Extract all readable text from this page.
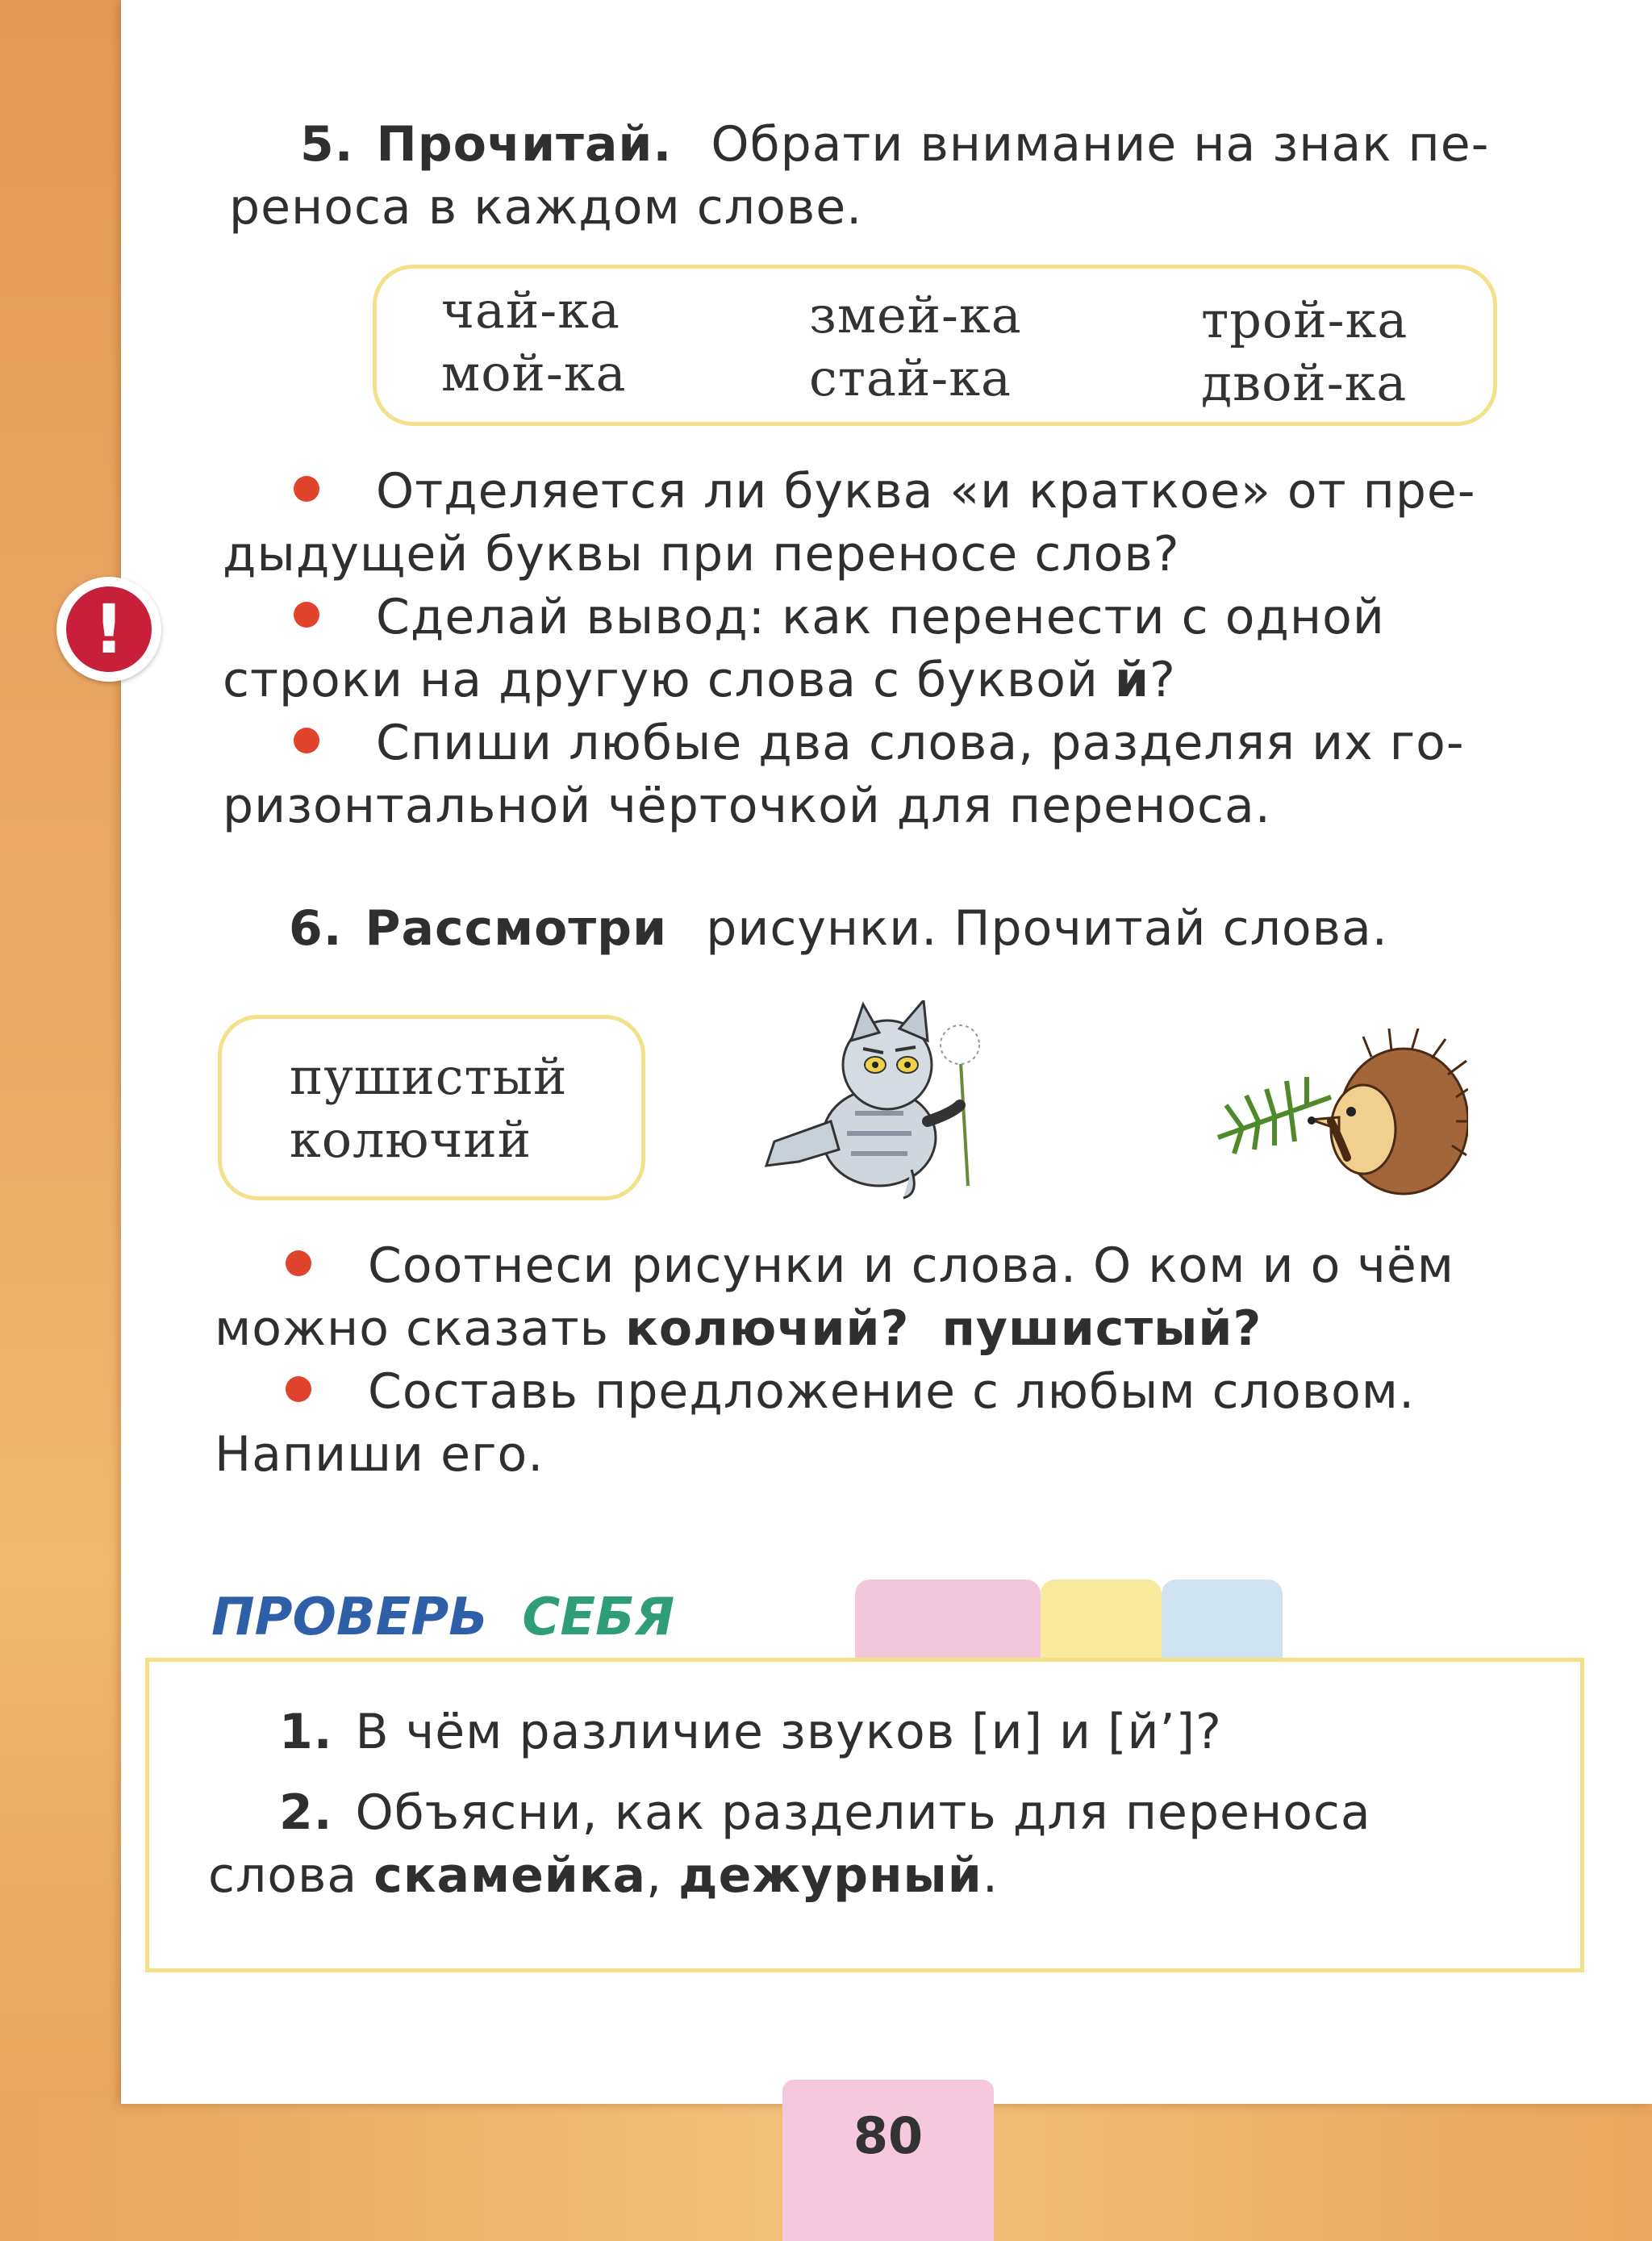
5. Прочитай. Обрати внимание на знак пе-

реноса в каждом слове.

чай-ка
мой-ка
змей-ка
стай-ка
трой-ка
двой-ка
!

Отделяется ли буква «и краткое» от пре-

дыдущей буквы при переносе слов?

Сделай вывод: как перенести с одной

строки на другую слова с буквой й?

Спиши любые два слова, разделяя их го-

ризонтальной чёрточкой для переноса.

6. Рассмотри рисунки. Прочитай слова.

пушистый
колючий

Соотнеси рисунки и слова. О ком и о чём

можно сказать колючий? пушистый?

Составь предложение с любым словом.

Напиши его.

ПРОВЕРЬ СЕБЯ

1. В чём различие звуков [и] и [й’]?

2. Объясни, как разделить для переноса

слова скамейка, дежурный.

80
